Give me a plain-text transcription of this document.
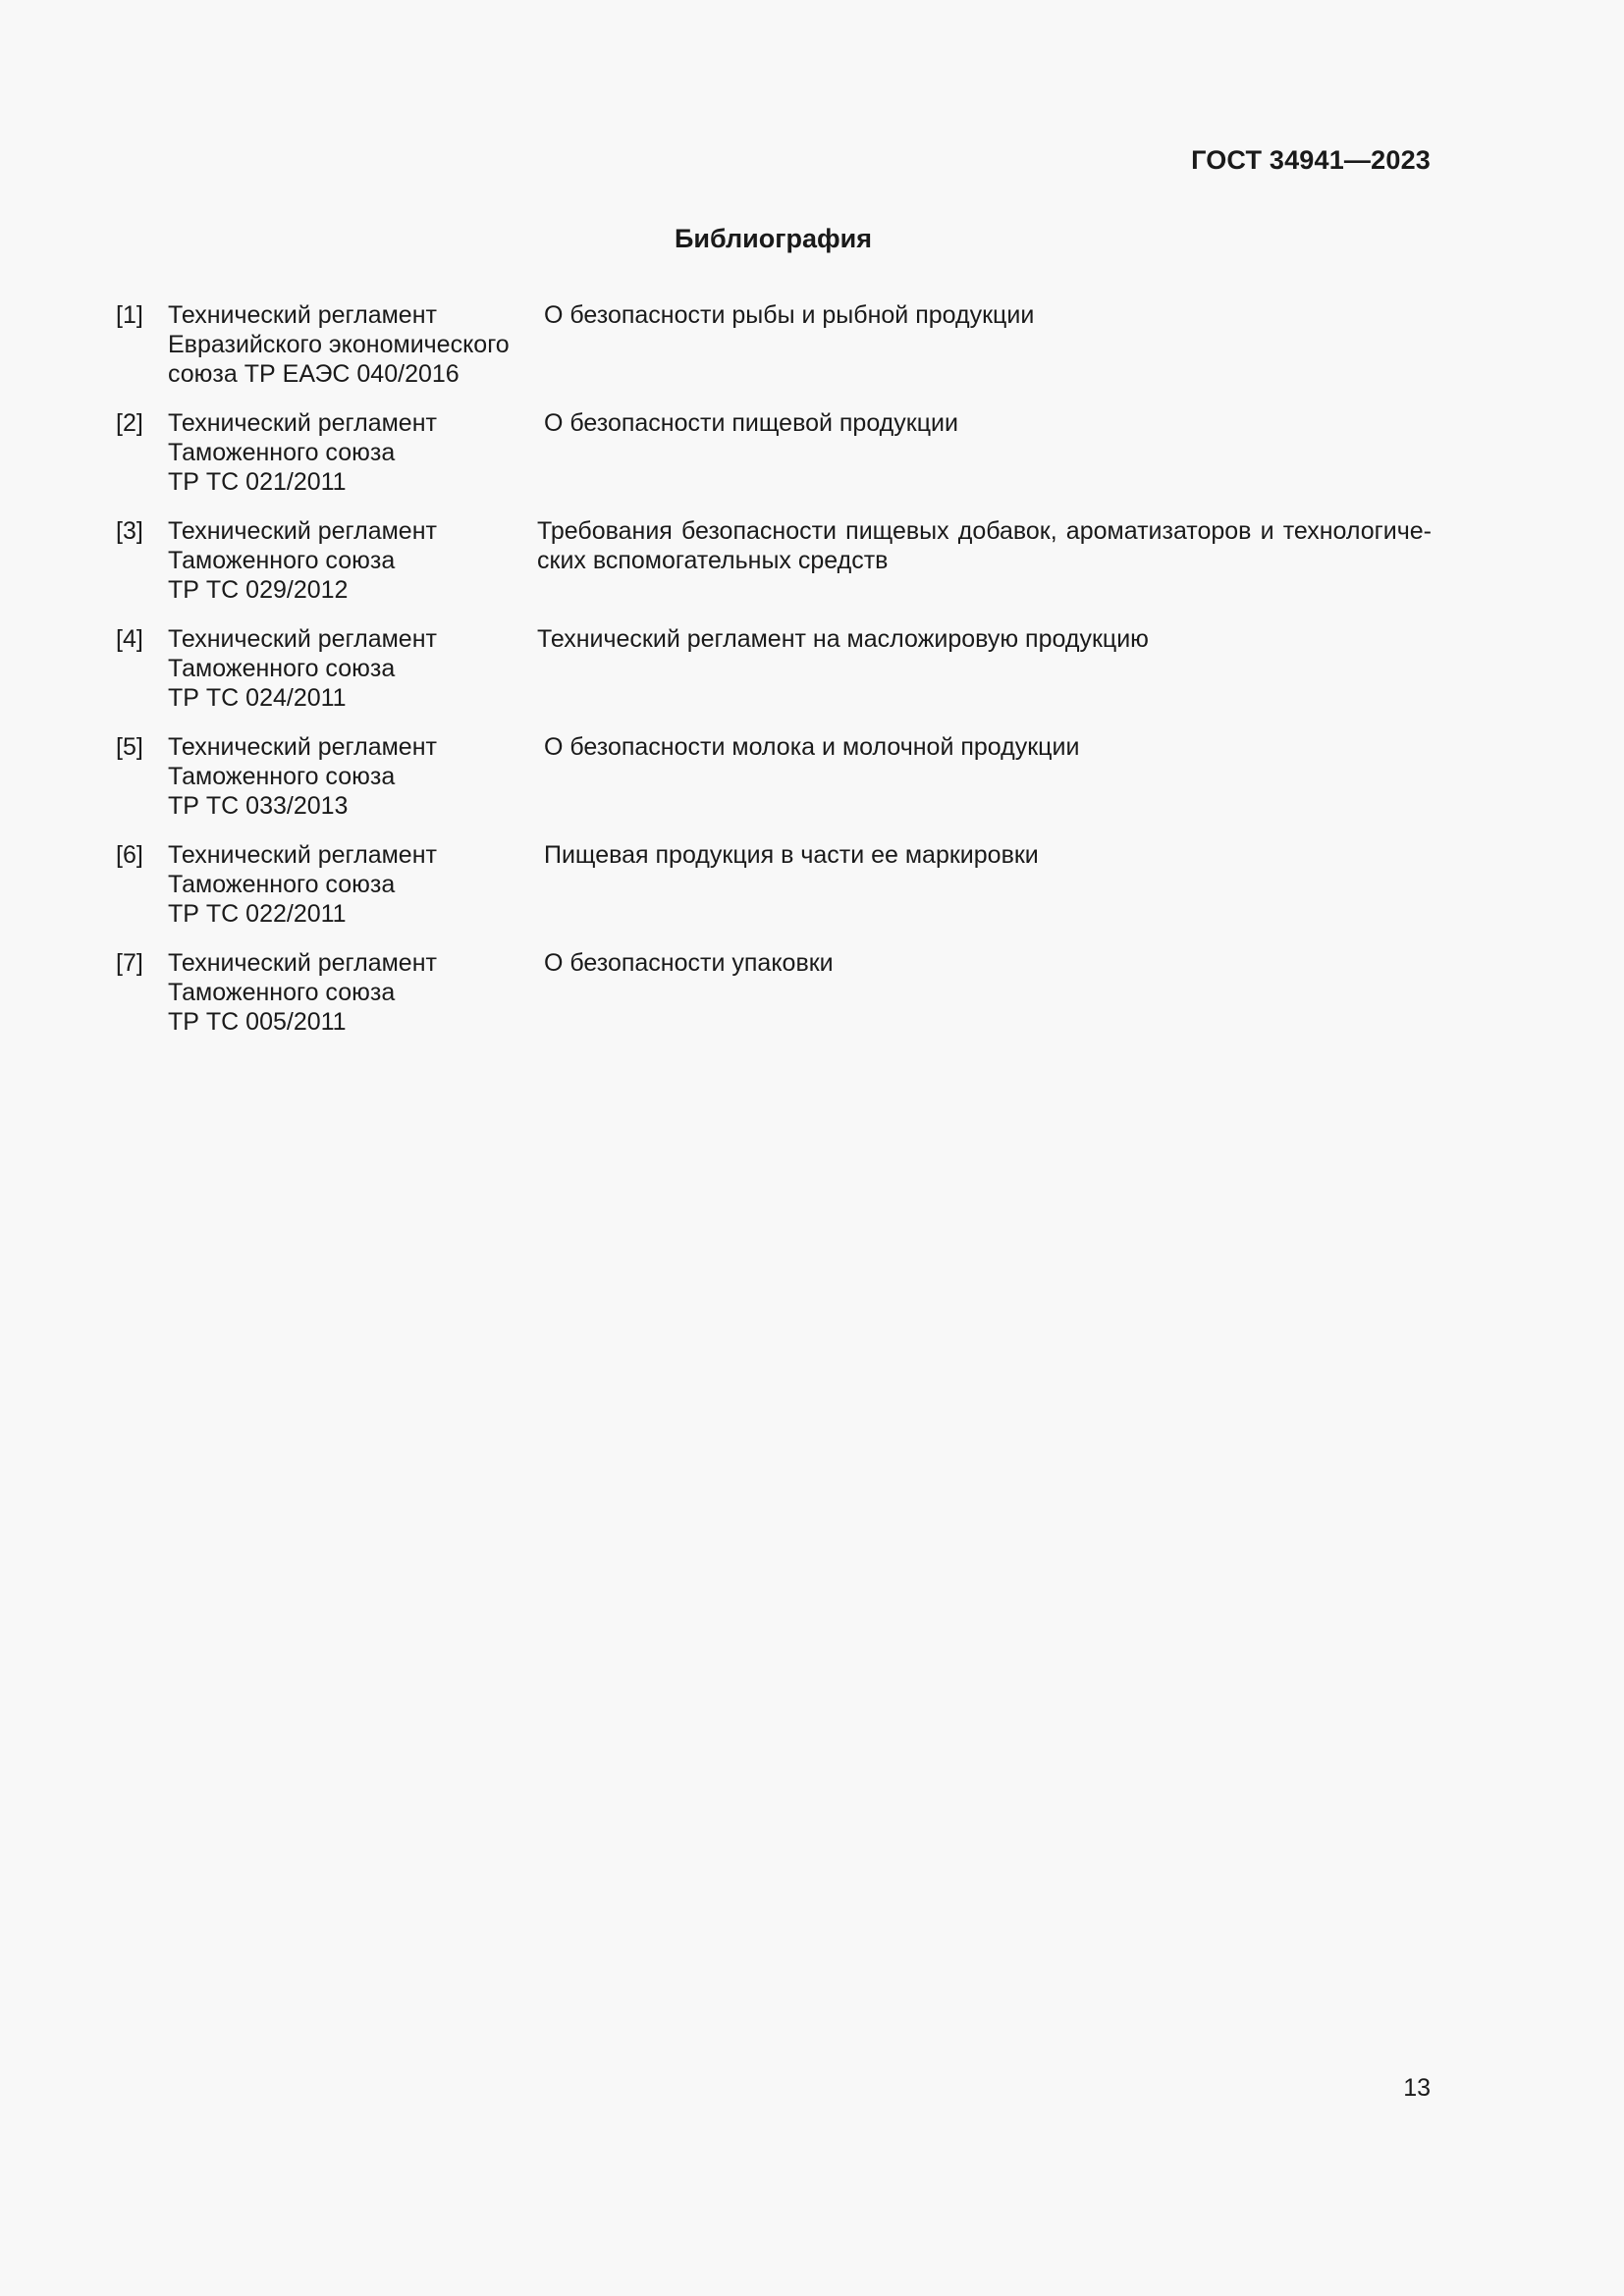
ГОСТ 34941—2023
Библиография
[1] Технический регламент
Евразийского экономического
союза ТР ЕАЭС 040/2016
О безопасности рыбы и рыбной продукции
[2] Технический регламент
Таможенного союза
ТР ТС 021/2011
О безопасности пищевой продукции
[3] Технический регламент
Таможенного союза
ТР ТС 029/2012
Требования безопасности пищевых добавок, ароматизаторов и технологиче-ских вспомогательных средств
[4] Технический регламент
Таможенного союза
ТР ТС 024/2011
Технический регламент на масложировую продукцию
[5] Технический регламент
Таможенного союза
ТР ТС 033/2013
О безопасности молока и молочной продукции
[6] Технический регламент
Таможенного союза
ТР ТС 022/2011
Пищевая продукция в части ее маркировки
[7] Технический регламент
Таможенного союза
ТР ТС 005/2011
О безопасности упаковки
13
